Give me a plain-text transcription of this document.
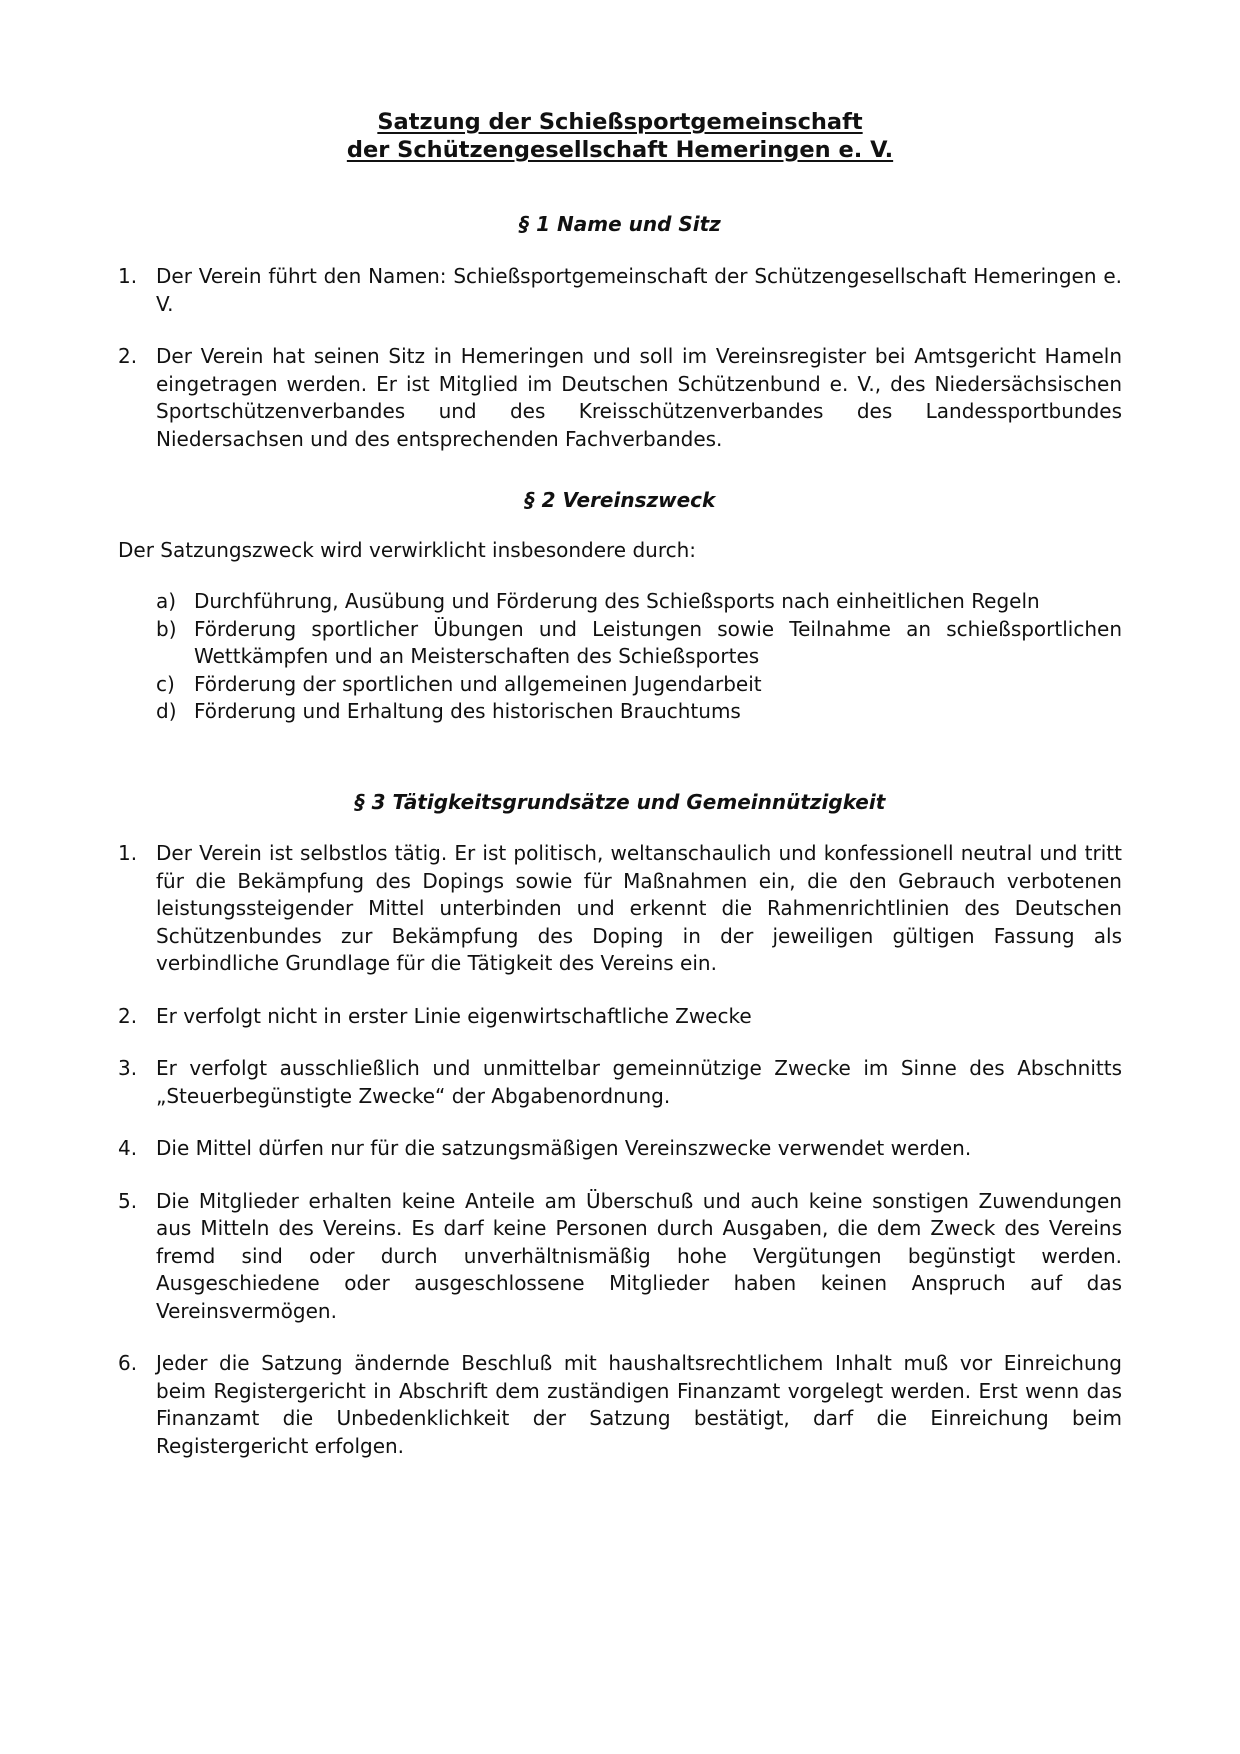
Satzung der Schießsportgemeinschaft
der Schützengesellschaft Hemeringen e. V.
§ 1 Name und Sitz
1. Der Verein führt den Namen: Schießsportgemeinschaft der Schützengesellschaft Hemeringen e. V.
2. Der Verein hat seinen Sitz in Hemeringen und soll im Vereinsregister bei Amtsgericht Hameln eingetragen werden. Er ist Mitglied im Deutschen Schützenbund e. V., des Niedersächsischen Sportschützenverbandes und des Kreisschützenverbandes des Landessportbundes Niedersachsen und des entsprechenden Fachverbandes.
§ 2 Vereinszweck
Der Satzungszweck wird verwirklicht insbesondere durch:
a) Durchführung, Ausübung und Förderung des Schießsports nach einheitlichen Regeln
b) Förderung sportlicher Übungen und Leistungen sowie Teilnahme an schießsportlichen Wettkämpfen und an Meisterschaften des Schießsportes
c) Förderung der sportlichen und allgemeinen Jugendarbeit
d) Förderung und Erhaltung des historischen Brauchtums
§ 3 Tätigkeitsgrundsätze und Gemeinnützigkeit
1. Der Verein ist selbstlos tätig. Er ist politisch, weltanschaulich und konfessionell neutral und tritt für die Bekämpfung des Dopings sowie für Maßnahmen ein, die den Gebrauch verbotenen leistungssteigender Mittel unterbinden und erkennt die Rahmenrichtlinien des Deutschen Schützenbundes zur Bekämpfung des Doping in der jeweiligen gültigen Fassung als verbindliche Grundlage für die Tätigkeit des Vereins ein.
2. Er verfolgt nicht in erster Linie eigenwirtschaftliche Zwecke
3. Er verfolgt ausschließlich und unmittelbar gemeinnützige Zwecke im Sinne des Abschnitts „Steuerbegünstigte Zwecke“ der Abgabenordnung.
4. Die Mittel dürfen nur für die satzungsmäßigen Vereinszwecke verwendet werden.
5. Die Mitglieder erhalten keine Anteile am Überschuß und auch keine sonstigen Zuwendungen aus Mitteln des Vereins. Es darf keine Personen durch Ausgaben, die dem Zweck des Vereins fremd sind oder durch unverhältnismäßig hohe Vergütungen begünstigt werden. Ausgeschiedene oder ausgeschlossene Mitglieder haben keinen Anspruch auf das Vereinsvermögen.
6. Jeder die Satzung ändernde Beschluß mit haushaltsrechtlichem Inhalt muß vor Einreichung beim Registergericht in Abschrift dem zuständigen Finanzamt vorgelegt werden. Erst wenn das Finanzamt die Unbedenklichkeit der Satzung bestätigt, darf die Einreichung beim Registergericht erfolgen.
